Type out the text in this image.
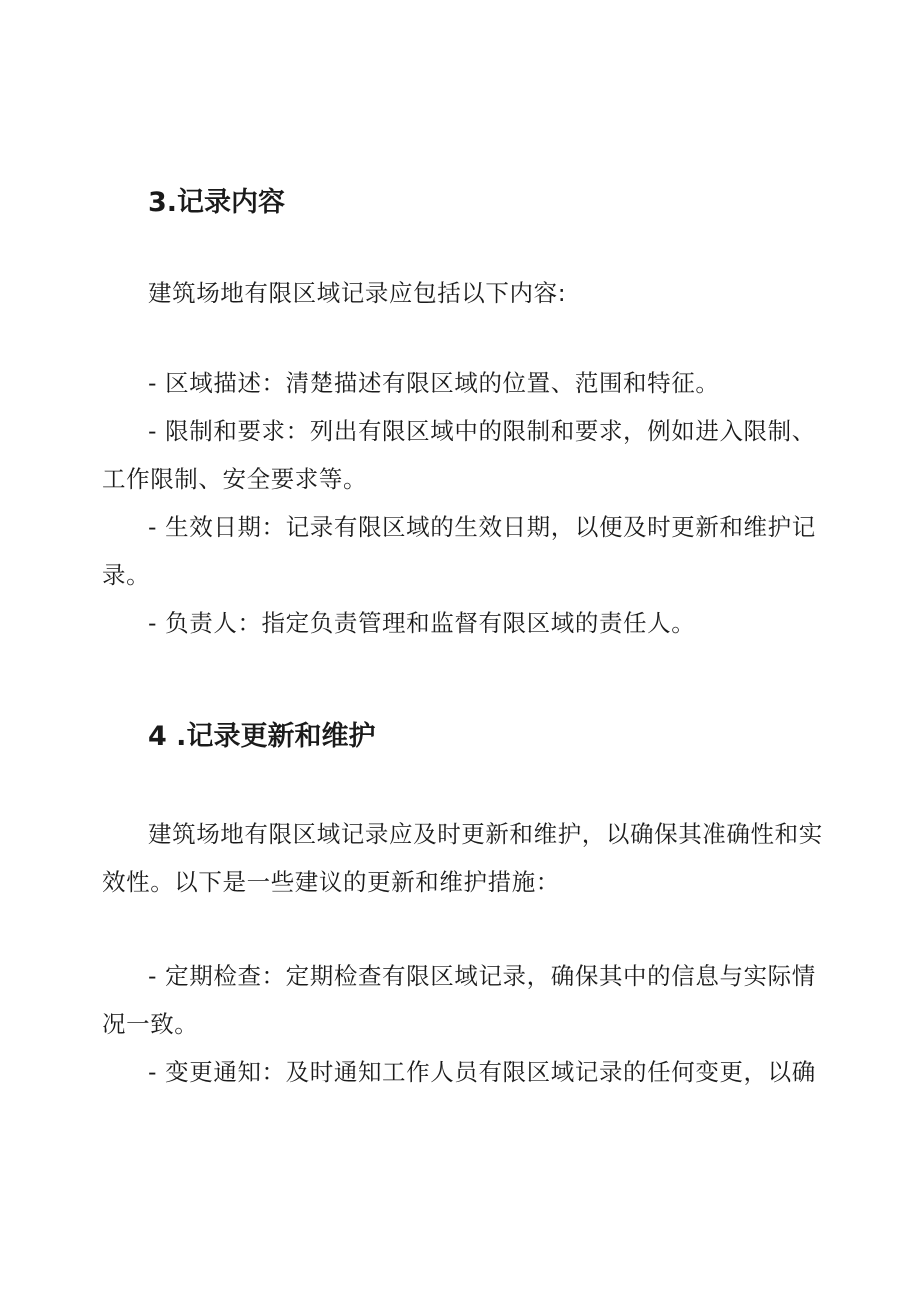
3.记录内容
建筑场地有限区域记录应包括以下内容:
- 区域描述：清楚描述有限区域的位置、范围和特征。
- 限制和要求：列出有限区域中的限制和要求，例如进入限制、
工作限制、安全要求等。
- 生效日期：记录有限区域的生效日期，以便及时更新和维护记
录。
- 负责人：指定负责管理和监督有限区域的责任人。
4 .记录更新和维护
建筑场地有限区域记录应及时更新和维护，以确保其准确性和实
效性。以下是一些建议的更新和维护措施：
- 定期检查：定期检查有限区域记录，确保其中的信息与实际情
况一致。
- 变更通知：及时通知工作人员有限区域记录的任何变更，以确
